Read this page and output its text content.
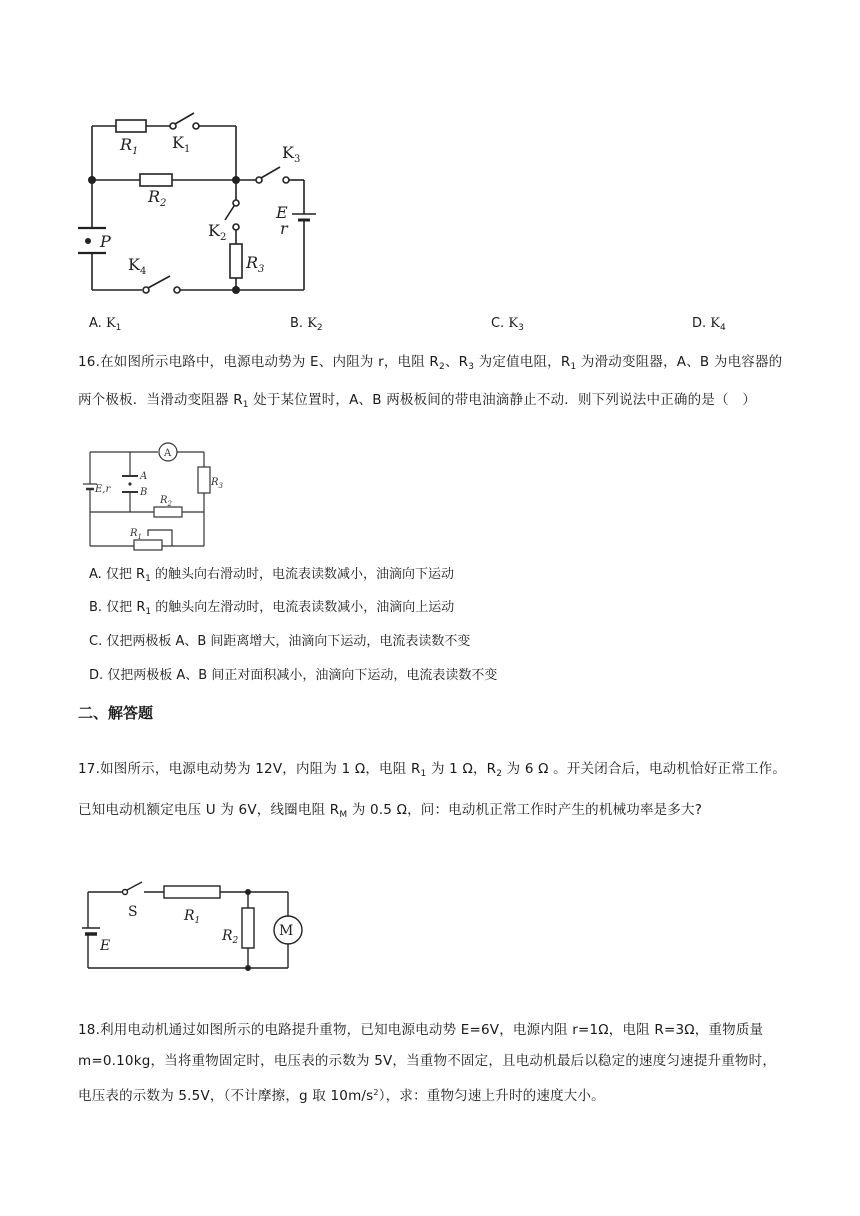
$R_1$ $K_1$
$R_2$
$K_3$
E
r
$K_2$
P
$R_3$
$K_4$
A. $K_1$	B. $K_2$	C. $K_3$	D. $K_4$
16.在如图所示电路中，电源电动势为 E、内阻为 r，电阻 $R_2$、$R_3$ 为定值电阻，$R_1$ 为滑动变阻器，A、B 为电容器的两个极板．当滑动变阻器 $R_1$ 处于某位置时，A、B 两极板间的带电油滴静止不动．则下列说法中正确的是（　）
A
A
B
E,r
$R_3$
$R_2$
$R_1$
A. 仅把 $R_1$ 的触头向右滑动时，电流表读数减小，油滴向下运动
B. 仅把 $R_1$ 的触头向左滑动时，电流表读数减小，油滴向上运动
C. 仅把两极板 A、B 间距离增大，油滴向下运动，电流表读数不变
D. 仅把两极板 A、B 间正对面积减小，油滴向下运动，电流表读数不变
二、解答题
17.如图所示，电源电动势为 12V，内阻为 1 Ω，电阻 $R_1$ 为 1 Ω，$R_2$ 为 6 Ω 。开关闭合后，电动机恰好正常工作。已知电动机额定电压 U 为 6V，线圈电阻 $R_M$ 为 0.5 Ω，问：电动机正常工作时产生的机械功率是多大?
S	$R_1$
$R_2$
M
E
18.利用电动机通过如图所示的电路提升重物，已知电源电动势 E=6V，电源内阻 r=1Ω，电阻 R=3Ω，重物质量 m=0.10kg，当将重物固定时，电压表的示数为 5V，当重物不固定，且电动机最后以稳定的速度匀速提升重物时，电压表的示数为 5.5V，（不计摩擦，g 取 $10m/s^2$），求：重物匀速上升时的速度大小。
